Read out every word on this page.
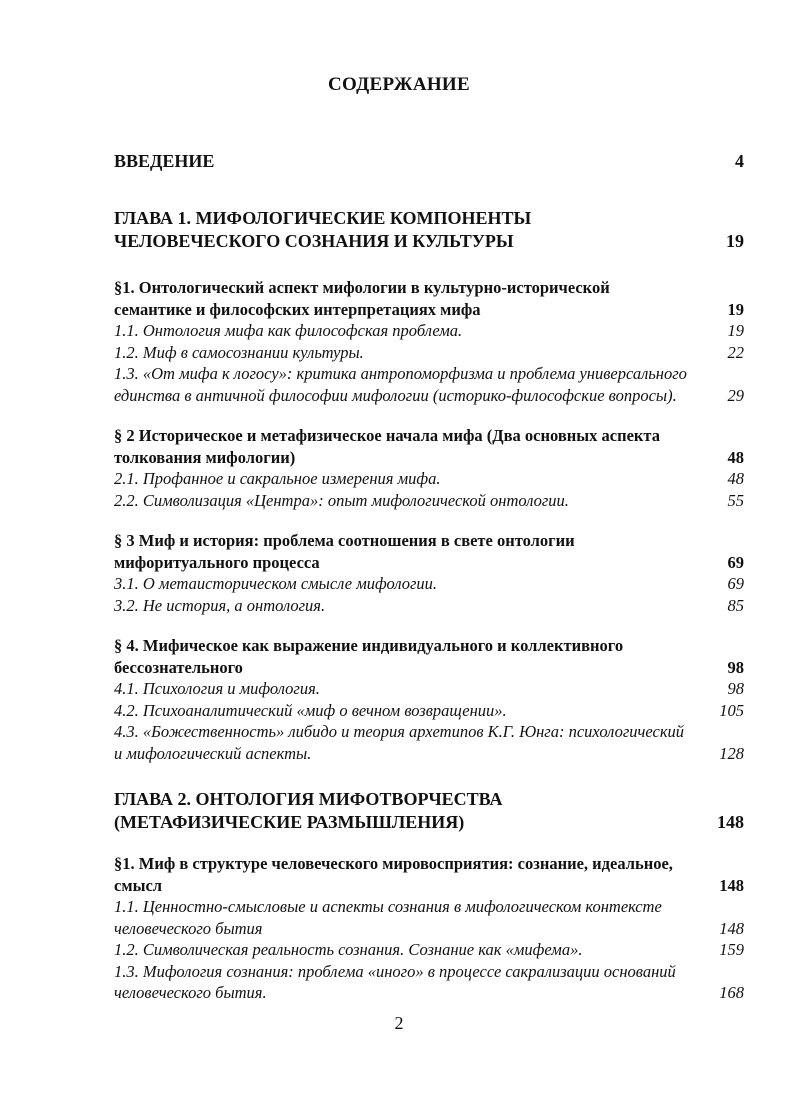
СОДЕРЖАНИЕ
ВВЕДЕНИЕ	4
ГЛАВА 1. МИФОЛОГИЧЕСКИЕ КОМПОНЕНТЫ ЧЕЛОВЕЧЕСКОГО СОЗНАНИЯ И КУЛЬТУРЫ	19
§1. Онтологический аспект мифологии в культурно-исторической семантике и философских интерпретациях мифа	19
1.1. Онтология мифа как философская проблема.	19
1.2. Миф в самосознании культуры.	22
1.3. «От мифа к логосу»: критика антропоморфизма и проблема универсального единства в античной философии мифологии (историко-философские вопросы).	29
§ 2 Историческое и метафизическое начала мифа (Два основных аспекта толкования мифологии)	48
2.1. Профанное и сакральное измерения мифа.	48
2.2. Символизация «Центра»: опыт мифологической онтологии.	55
§ 3 Миф и история: проблема соотношения в свете онтологии мифоритуального процесса	69
3.1. О метаисторическом смысле мифологии.	69
3.2. Не история, а онтология.	85
§ 4. Мифическое как выражение индивидуального и коллективного бессознательного	98
4.1. Психология и мифология.	98
4.2. Психоаналитический «миф о вечном возвращении».	105
4.3. «Божественность» либидо и теория архетипов К.Г. Юнга: психологический и мифологический аспекты.	128
ГЛАВА 2. ОНТОЛОГИЯ МИФОТВОРЧЕСТВА (МЕТАФИЗИЧЕСКИЕ РАЗМЫШЛЕНИЯ)	148
§1. Миф в структуре человеческого мировосприятия: сознание, идеальное, смысл	148
1.1. Ценностно-смысловые и аспекты сознания в мифологическом контексте человеческого бытия	148
1.2. Символическая реальность сознания. Сознание как «мифема».	159
1.3. Мифология сознания: проблема «иного» в процессе сакрализации оснований человеческого бытия.	168
2
